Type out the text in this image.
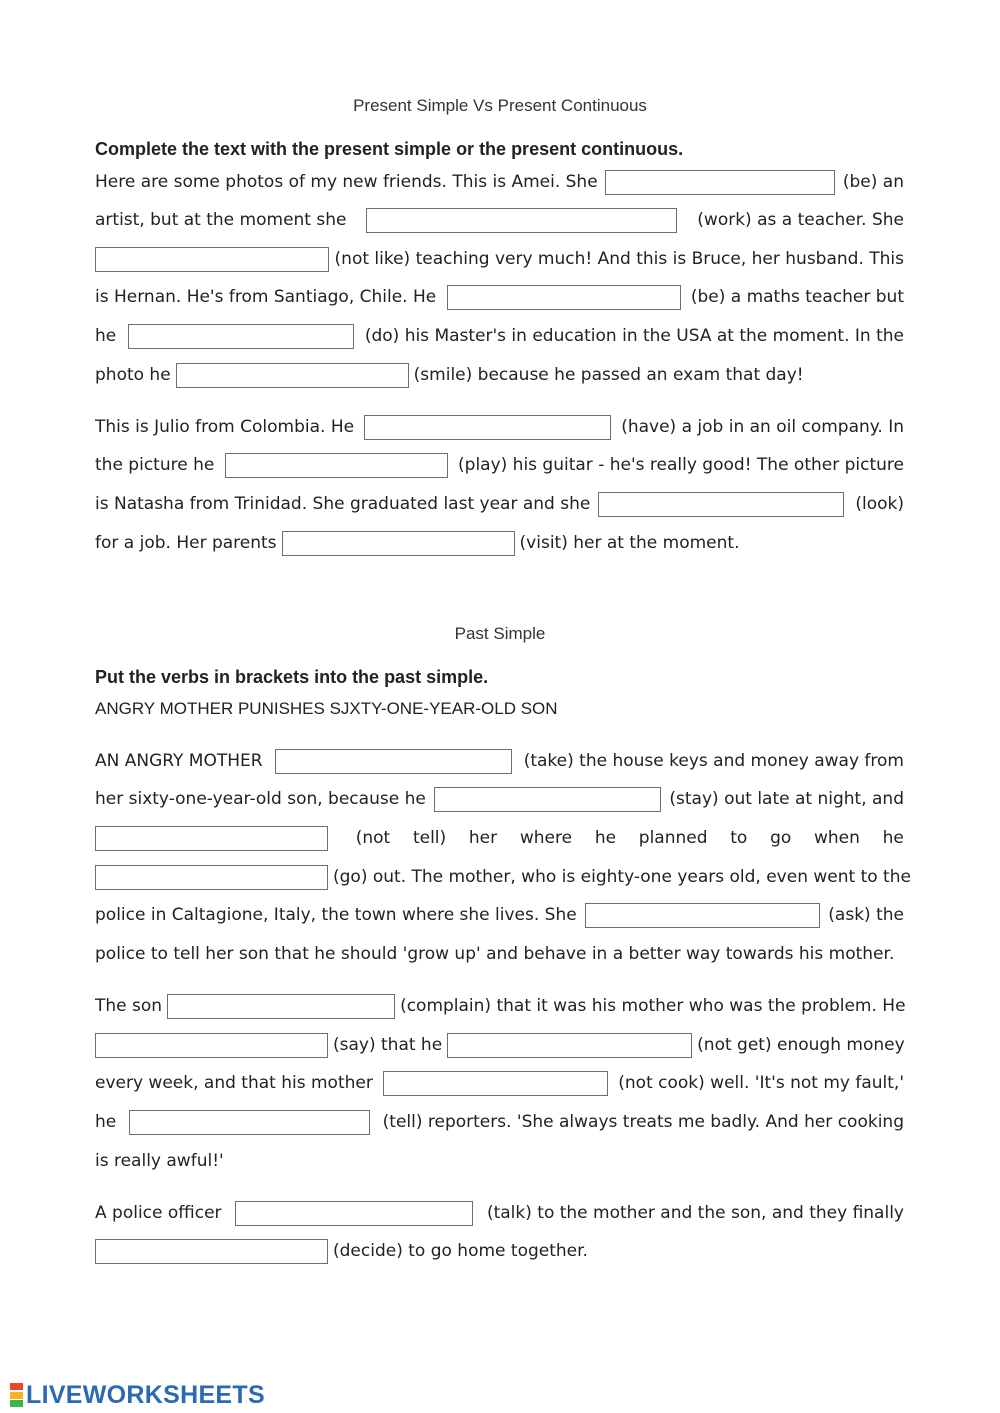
Present Simple Vs Present Continuous
Complete the text with the present simple or the present continuous.
Here are some photos of my new friends. This is Amei. She	(be) an
artist, but at the moment she	(work) as a teacher. She
(not like) teaching very much! And this is Bruce, her husband. This
is Hernan. He's from Santiago, Chile. He	(be) a maths teacher but
he	(do) his Master's in education in the USA at the moment. In the
photo he	(smile) because he passed an exam that day!
This is Julio from Colombia. He	(have) a job in an oil company. In
the picture he	(play) his guitar - he's really good! The other picture
is Natasha from Trinidad. She graduated last year and she	(look)
for a job. Her parents	(visit) her at the moment.
Past Simple
Put the verbs in brackets into the past simple.
ANGRY MOTHER PUNISHES SJXTY-ONE-YEAR-OLD SON
AN ANGRY MOTHER	(take) the house keys and money away from
her sixty-one-year-old son, because he	(stay) out late at night, and
(not tell) her where he planned to go when he
(go) out. The mother, who is eighty-one years old, even went to the
police in Caltagione, Italy, the town where she lives. She	(ask) the
police to tell her son that he should 'grow up' and behave in a better way towards his mother.
The son	(complain) that it was his mother who was the problem. He
(say) that he	(not get) enough money
every week, and that his mother	(not cook) well. 'It's not my fault,'
he	(tell) reporters. 'She always treats me badly. And her cooking
is really awful!'
A police officer	(talk) to the mother and the son, and they finally
(decide) to go home together.
LIVEWORKSHEETS
